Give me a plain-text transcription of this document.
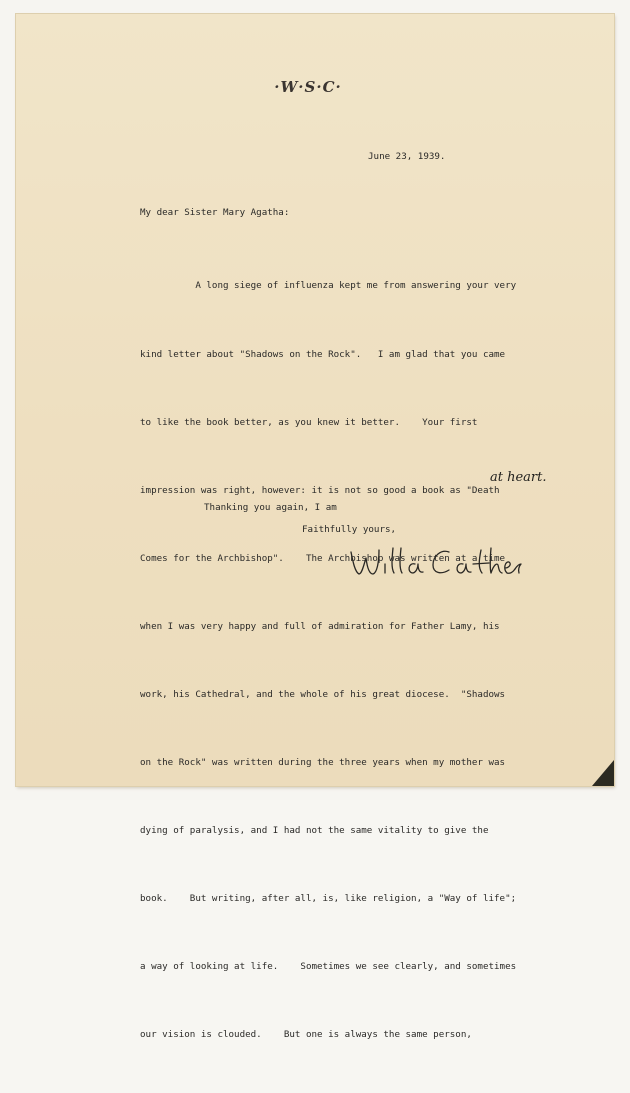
·W·S·C·
June 23, 1939.
My dear Sister Mary Agatha:

A long siege of influenza kept me from answering your very

kind letter about "Shadows on the Rock".   I am glad that you came

to like the book better, as you knew it better.    Your first

impression was right, however: it is not so good a book as "Death

Comes for the Archbishop".    The Archbishop was written at a time

when I was very happy and full of admiration for Father Lamy, his

work, his Cathedral, and the whole of his great diocese.  "Shadows

on the Rock" was written during the three years when my mother was

dying of paralysis, and I had not the same vitality to give the

book.    But writing, after all, is, like religion, a "Way of life";

a way of looking at life.    Sometimes we see clearly, and sometimes

our vision is clouded.    But one is always the same person,

at heart.
Thanking you again, I am
Faithfully yours,
